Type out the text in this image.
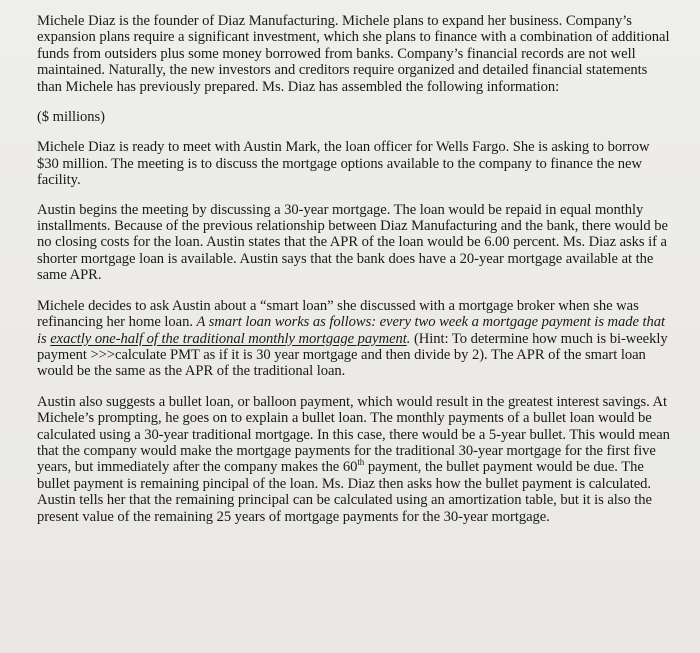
Michele Diaz is the founder of Diaz Manufacturing. Michele plans to expand her business. Company’s expansion plans require a significant investment, which she plans to finance with a combination of additional funds from outsiders plus some money borrowed from banks. Company’s financial records are not well maintained. Naturally, the new investors and creditors require organized and detailed financial statements than Michele has previously prepared. Ms. Diaz has assembled the following information:

($ millions)

Michele Diaz is ready to meet with Austin Mark, the loan officer for Wells Fargo. She is asking to borrow $30 million. The meeting is to discuss the mortgage options available to the company to finance the new facility.

Austin begins the meeting by discussing a 30-year mortgage. The loan would be repaid in equal monthly installments. Because of the previous relationship between Diaz Manufacturing and the bank, there would be no closing costs for the loan. Austin states that the APR of the loan would be 6.00 percent. Ms. Diaz asks if a shorter mortgage loan is available. Austin says that the bank does have a 20-year mortgage available at the same APR.

Michele decides to ask Austin about a “smart loan” she discussed with a mortgage broker when she was refinancing her home loan. A smart loan works as follows: every two week a mortgage payment is made that is exactly one-half of the traditional monthly mortgage payment. (Hint: To determine how much is bi-weekly payment >>>calculate PMT as if it is 30 year mortgage and then divide by 2). The APR of the smart loan would be the same as the APR of the traditional loan.

Austin also suggests a bullet loan, or balloon payment, which would result in the greatest interest savings. At Michele’s prompting, he goes on to explain a bullet loan. The monthly payments of a bullet loan would be calculated using a 30-year traditional mortgage. In this case, there would be a 5-year bullet. This would mean that the company would make the mortgage payments for the traditional 30-year mortgage for the first five years, but immediately after the company makes the 60th payment, the bullet payment would be due. The bullet payment is remaining pincipal of the loan. Ms. Diaz then asks how the bullet payment is calculated. Austin tells her that the remaining principal can be calculated using an amortization table, but it is also the present value of the remaining 25 years of mortgage payments for the 30-year mortgage.
